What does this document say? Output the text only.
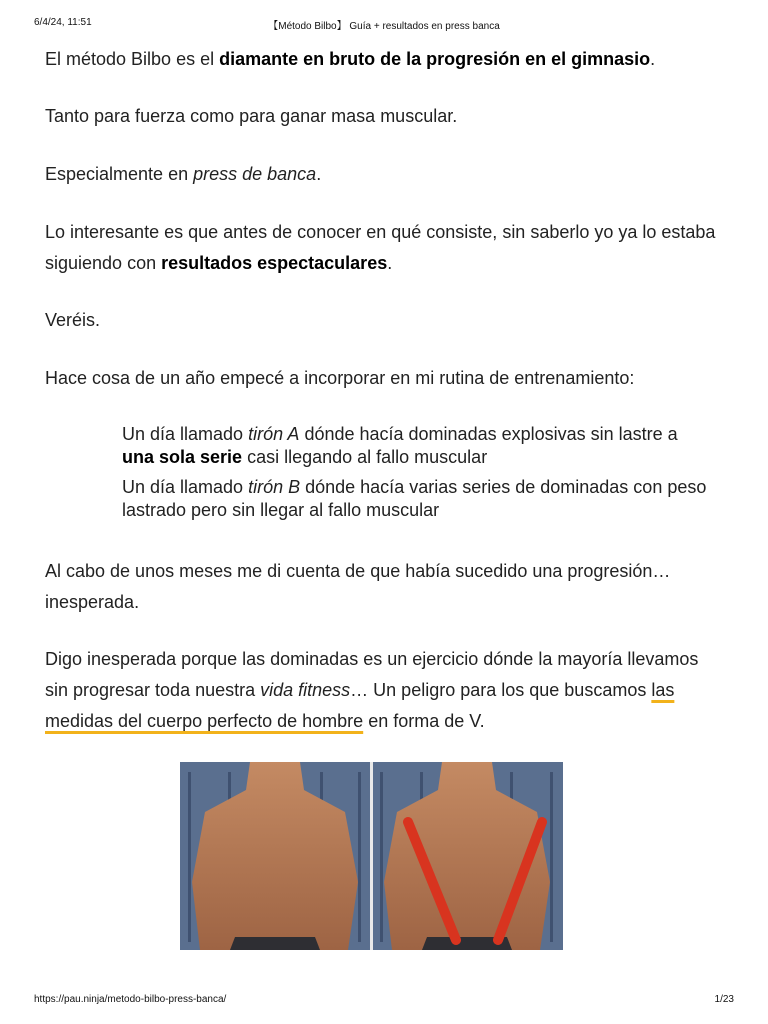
6/4/24, 11:51	【Método Bilbo】 Guía + resultados en press banca

El método Bilbo es el diamante en bruto de la progresión en el gimnasio.

Tanto para fuerza como para ganar masa muscular.

Especialmente en press de banca.

Lo interesante es que antes de conocer en qué consiste, sin saberlo yo ya lo estaba siguiendo con resultados espectaculares.

Veréis.

Hace cosa de un año empecé a incorporar en mi rutina de entrenamiento:

Al cabo de unos meses me di cuenta de que había sucedido una progresión… inesperada.

Digo inesperada porque las dominadas es un ejercicio dónde la mayoría llevamos sin progresar toda nuestra vida fitness… Un peligro para los que buscamos las medidas del cuerpo perfecto de hombre en forma de V.

Un día llamado tirón A dónde hacía dominadas explosivas sin lastre a una sola serie casi llegando al fallo muscular
Un día llamado tirón B dónde hacía varias series de dominadas con peso lastrado pero sin llegar al fallo muscular
https://pau.ninja/metodo-bilbo-press-banca/	1/23
